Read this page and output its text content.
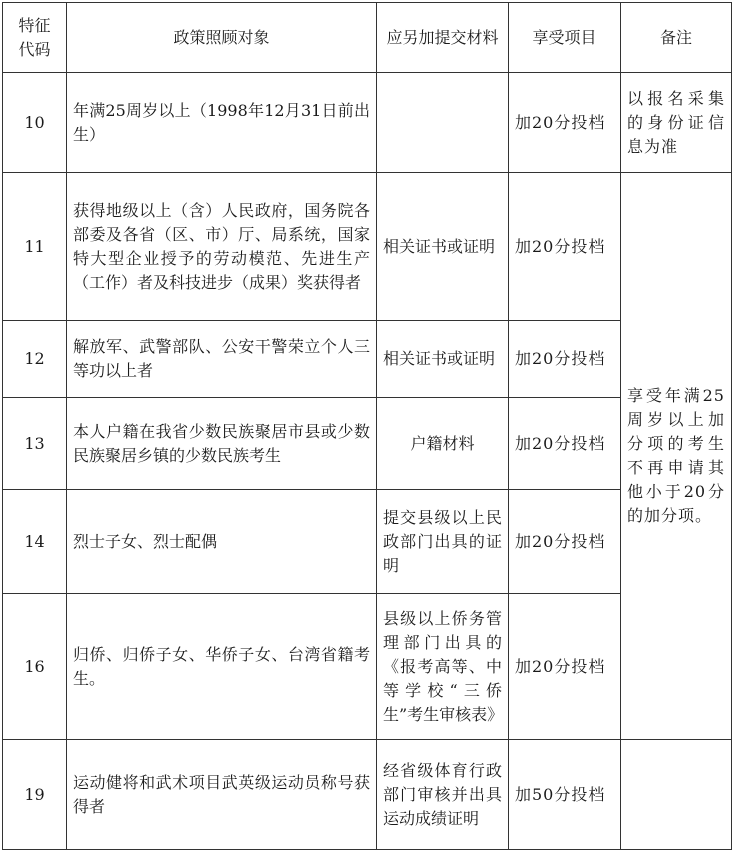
特征代码	政策照顾对象	应另加提交材料	享受项目	备注
10	年满25周岁以上（1998年12月31日前出生）		加20分投档	以报名采集的身份证信息为准
11	获得地级以上（含）人民政府，国务院各部委及各省（区、市）厅、局系统，国家特大型企业授予的劳动模范、先进生产（工作）者及科技进步（成果）奖获得者	相关证书或证明	加20分投档	享受年满25周岁以上加分项的考生不再申请其他小于20分的加分项。
12	解放军、武警部队、公安干警荣立个人三等功以上者	相关证书或证明	加20分投档	
13	本人户籍在我省少数民族聚居市县或少数民族聚居乡镇的少数民族考生	户籍材料	加20分投档	
14	烈士子女、烈士配偶	提交县级以上民政部门出具的证明	加20分投档	
16	归侨、归侨子女、华侨子女、台湾省籍考生。	县级以上侨务管理部门出具的《报考高等、中等学校“三侨生”考生审核表》	加20分投档	
19	运动健将和武术项目武英级运动员称号获得者	经省级体育行政部门审核并出具运动成绩证明	加50分投档	
